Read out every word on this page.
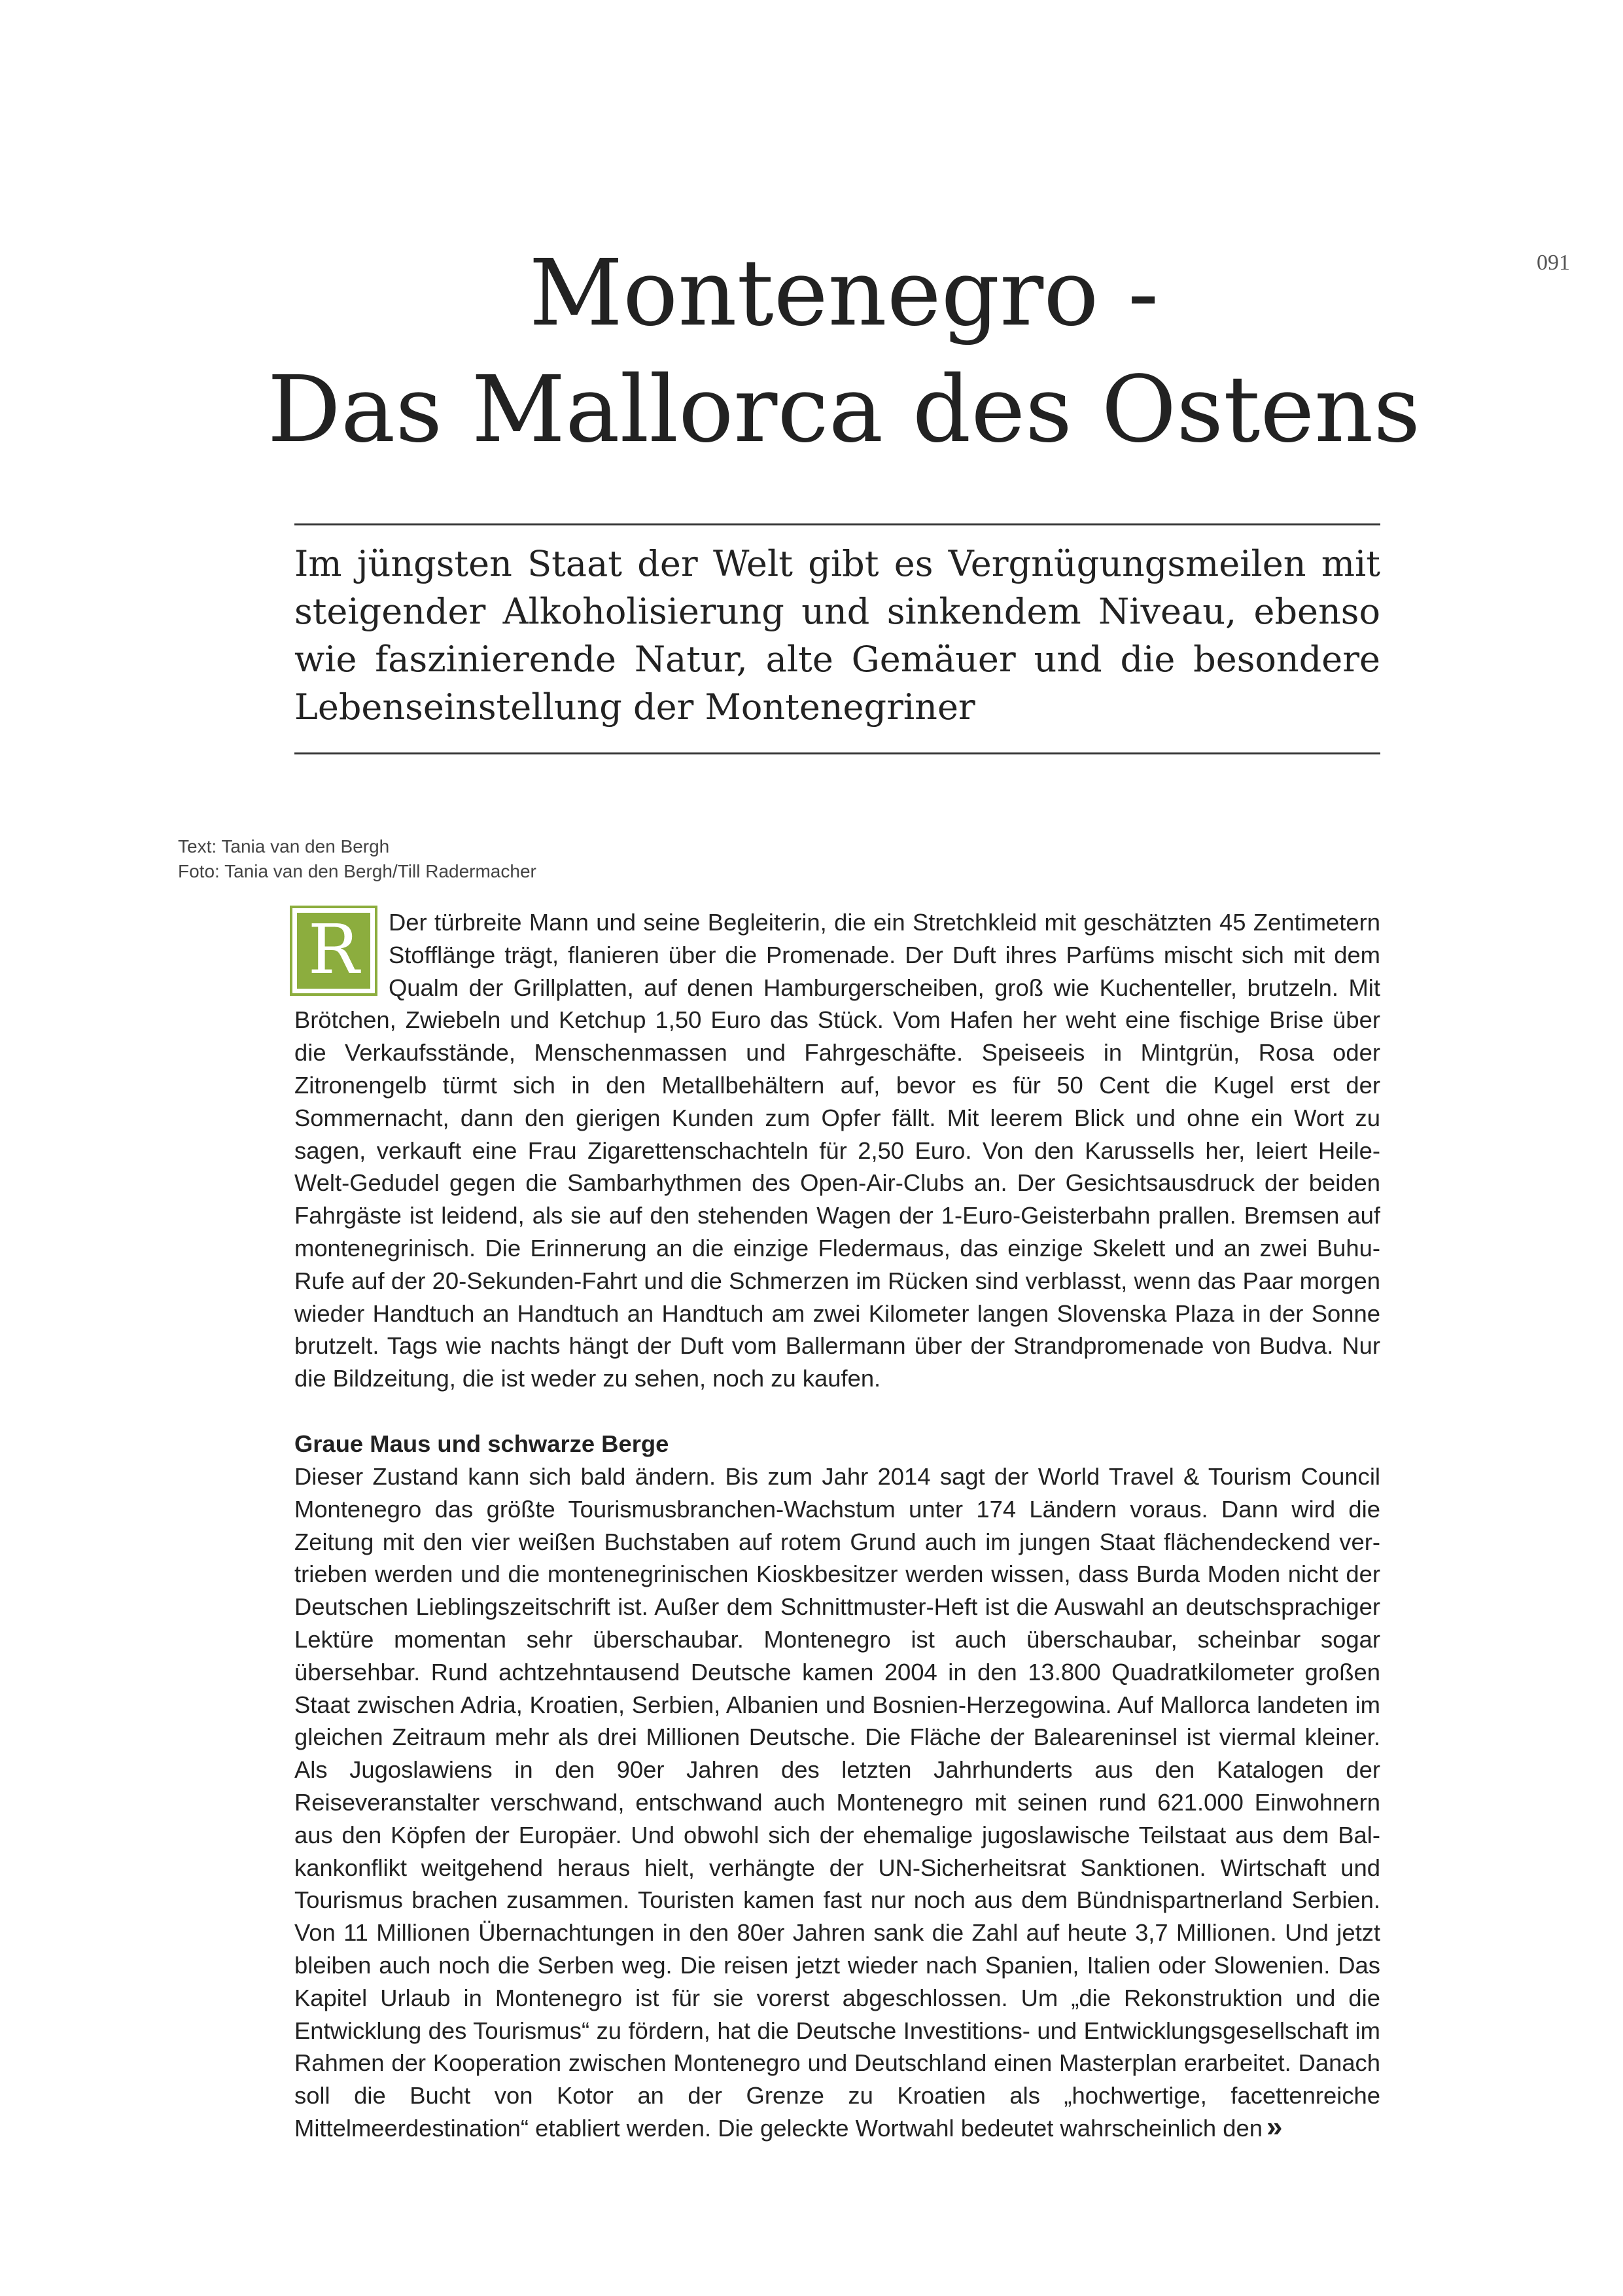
091
Montenegro -
Das Mallorca des Ostens

Im jüngsten Staat der Welt gibt es Vergnügungsmeilen mit steigender Alkoholisierung und sinkendem Niveau, ebenso wie faszinierende Natur, alte Gemäuer und die besondere Lebenseinstellung der Montenegriner

Text: Tania van den Bergh
Foto: Tania van den Bergh/Till Radermacher
R	Der türbreite Mann und seine Begleiterin, die ein Stretchkleid mit geschätzten 45 Zentimetern Stofflänge trägt, flanieren über die Promenade. Der Duft ihres Parfüms mischt sich mit dem Qualm der Grillplatten, auf denen Hamburgerscheiben, groß wie Kuchenteller, brutzeln. Mit Brötchen, Zwiebeln und Ketchup 1,50 Euro das Stück. Vom Hafen her weht eine fischige Brise über die Verkaufsstände, Menschenmassen und Fahrgeschäfte. Speiseeis in Mintgrün, Rosa oder Zitronengelb türmt sich in den Metallbehältern auf, bevor es für 50 Cent die Kugel erst der Sommernacht, dann den gierigen Kunden zum Opfer fällt. Mit leerem Blick und ohne ein Wort zu sagen, verkauft eine Frau Zigarettenschachteln für 2,50 Euro. Von den Karussells her, leiert Heile-Welt-Gedudel gegen die Sambarhythmen des Open-Air-Clubs an. Der Gesichtsausdruck der beiden Fahrgäste ist leidend, als sie auf den stehenden Wagen der 1-Euro-Geisterbahn prallen. Bremsen auf montenegrinisch. Die Erinnerung an die einzige Fledermaus, das einzige Skelett und an zwei Buhu-Rufe auf der 20-Sekunden-Fahrt und die Schmerzen im Rücken sind verblasst, wenn das Paar morgen wieder Handtuch an Handtuch an Handtuch am zwei Kilometer langen Slovenska Plaza in der Sonne brutzelt. Tags wie nachts hängt der Duft vom Ballermann über der Strandpromenade von Budva. Nur die Bildzeitung, die ist weder zu sehen, noch zu kaufen.

Graue Maus und schwarze Berge

Dieser Zustand kann sich bald ändern. Bis zum Jahr 2014 sagt der World Travel & Tourism Council Montenegro das größte Tourismusbranchen-Wachstum unter 174 Ländern voraus. Dann wird die Zeitung mit den vier weißen Buchstaben auf rotem Grund auch im jungen Staat flächendeckend vertrieben werden und die montenegrinischen Kioskbesitzer werden wissen, dass Burda Moden nicht der Deutschen Lieblingszeitschrift ist. Außer dem Schnittmuster-Heft ist die Auswahl an deutschsprachiger Lektüre momentan sehr überschaubar. Montenegro ist auch überschaubar, scheinbar sogar übersehbar. Rund achtzehntausend Deutsche kamen 2004 in den 13.800 Quadratkilometer großen Staat zwischen Adria, Kroatien, Serbien, Albanien und Bosnien-Herzegowina. Auf Mallorca landeten im gleichen Zeitraum mehr als drei Millionen Deutsche. Die Fläche der Baleareninsel ist viermal kleiner. Als Jugoslawiens in den 90er Jahren des letzten Jahrhunderts aus den Katalogen der Reiseveranstalter verschwand, entschwand auch Montenegro mit seinen rund 621.000 Einwohnern aus den Köpfen der Europäer. Und obwohl sich der ehemalige jugoslawische Teilstaat aus dem Balkankonflikt weitgehend heraus hielt, verhängte der UN-Sicherheitsrat Sanktionen. Wirtschaft und Tourismus brachen zusammen. Touristen kamen fast nur noch aus dem Bündnispartnerland Serbien. Von 11 Millionen Übernachtungen in den 80er Jahren sank die Zahl auf heute 3,7 Millionen. Und jetzt bleiben auch noch die Serben weg. Die reisen jetzt wieder nach Spanien, Italien oder Slowenien. Das Kapitel Urlaub in Montenegro ist für sie vorerst abgeschlossen. Um „die Rekonstruktion und die Entwicklung des Tourismus“ zu fördern, hat die Deutsche Investitions- und Entwicklungsgesellschaft im Rahmen der Kooperation zwischen Montenegro und Deutschland einen Masterplan erarbeitet. Danach soll die Bucht von Kotor an der Grenze zu Kroatien als „hochwertige, facettenreiche Mittelmeerdestination“ etabliert werden. Die geleckte Wortwahl bedeutet wahrscheinlich den »
